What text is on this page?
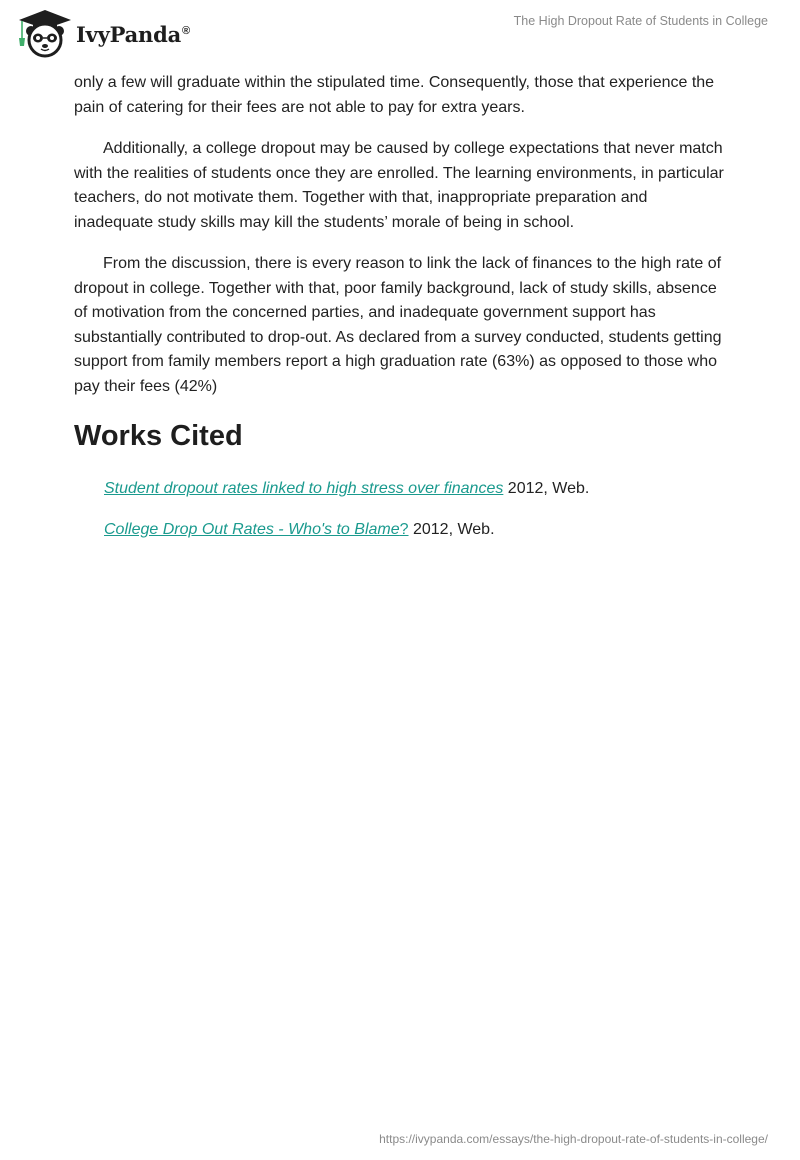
IvyPanda®
The High Dropout Rate of Students in College

only a few will graduate within the stipulated time. Consequently, those that experience the pain of catering for their fees are not able to pay for extra years.

Additionally, a college dropout may be caused by college expectations that never match with the realities of students once they are enrolled. The learning environments, in particular teachers, do not motivate them. Together with that, inappropriate preparation and inadequate study skills may kill the students’ morale of being in school.

From the discussion, there is every reason to link the lack of finances to the high rate of dropout in college. Together with that, poor family background, lack of study skills, absence of motivation from the concerned parties, and inadequate government support has substantially contributed to drop-out. As declared from a survey conducted, students getting support from family members report a high graduation rate (63%) as opposed to those who pay their fees (42%)

Works Cited

Student dropout rates linked to high stress over finances 2012, Web.

College Drop Out Rates - Who's to Blame? 2012, Web.

https://ivypanda.com/essays/the-high-dropout-rate-of-students-in-college/
